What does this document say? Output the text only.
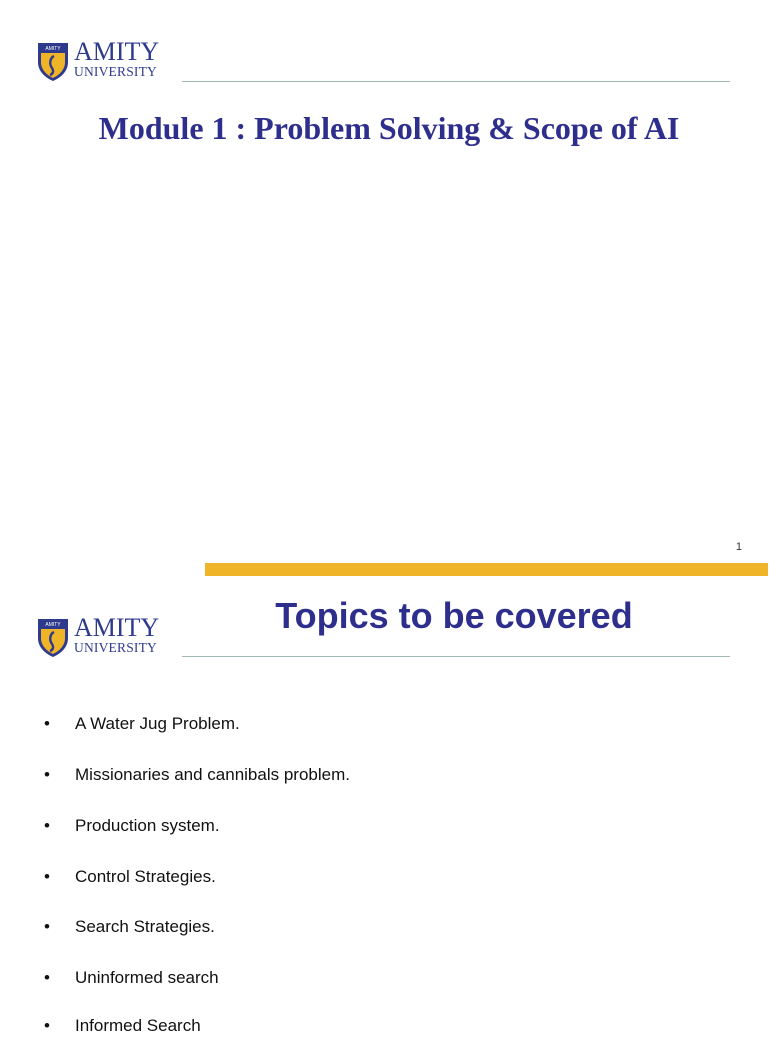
AMITY AMITY
UNIVERSITY
Module 1 : Problem Solving & Scope of AI
1
AMITY AMITY
UNIVERSITY
Topics to be covered
• A Water Jug Problem.
• Missionaries and cannibals problem.
• Production system.
• Control Strategies.
• Search Strategies.
• Uninformed search
• Informed Search
